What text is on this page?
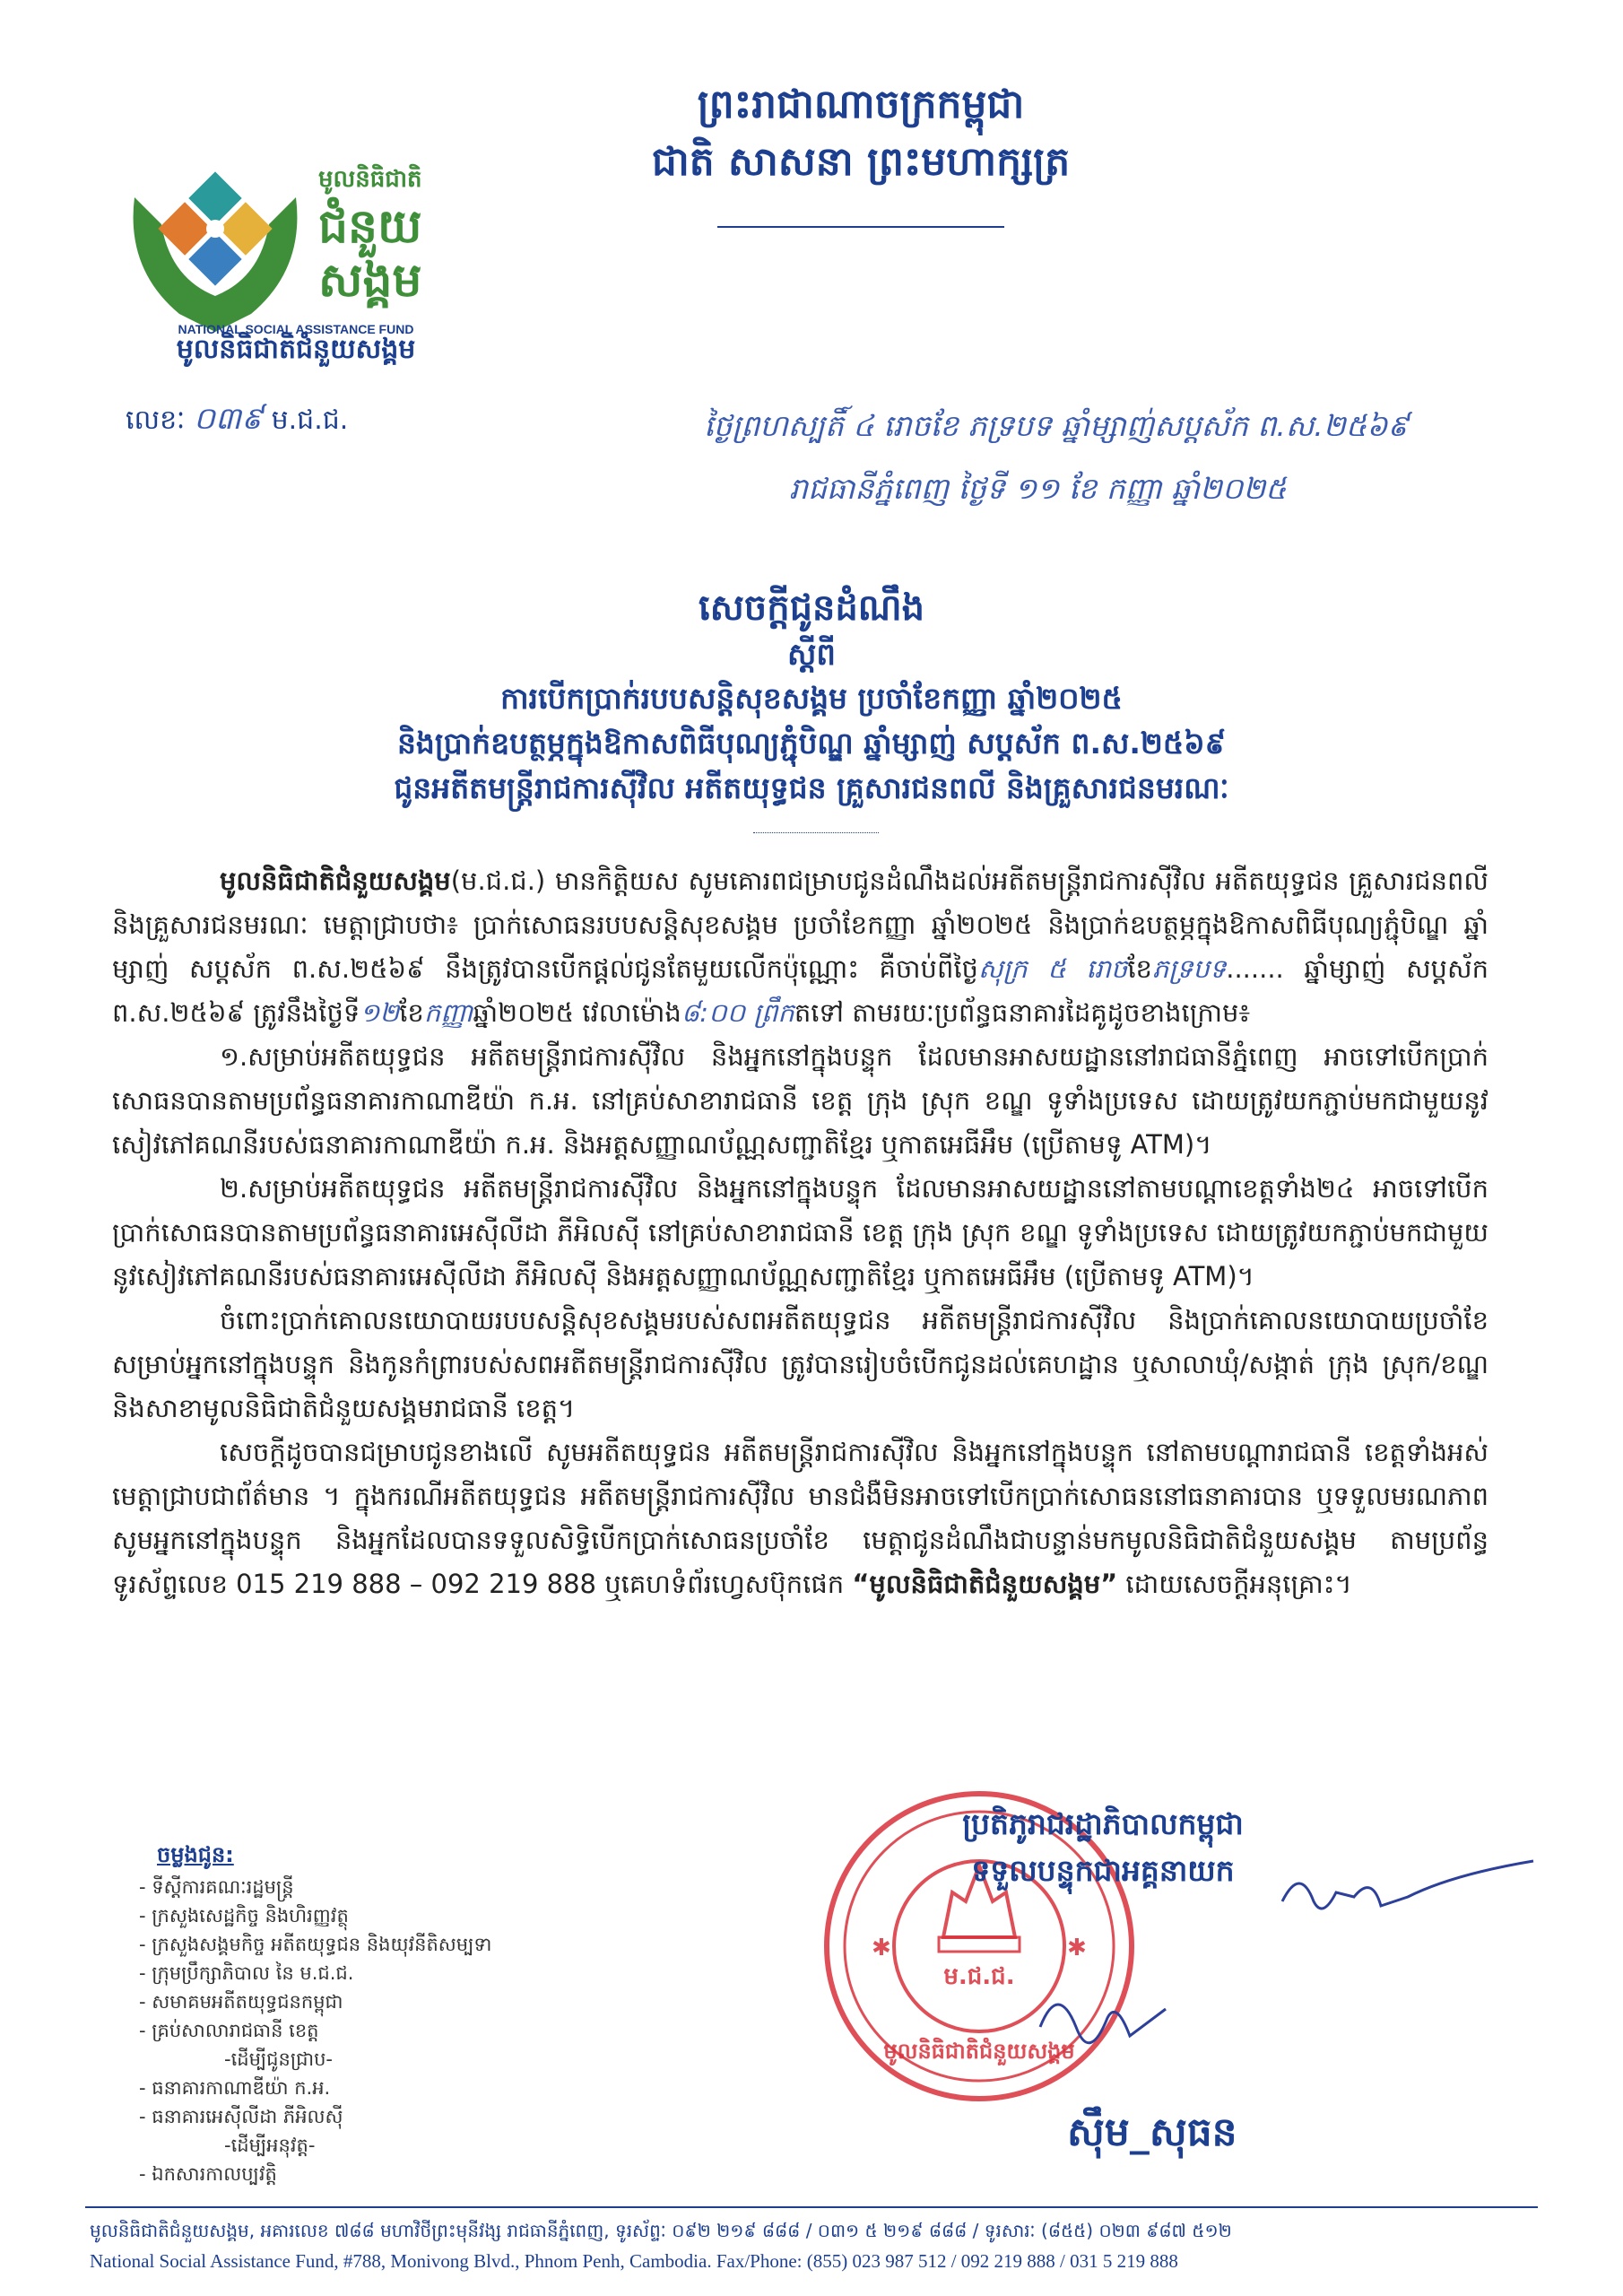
ព្រះរាជាណាចក្រកម្ពុជា
ជាតិ សាសនា ព្រះមហាក្សត្រ
មូលនិធិជាតិ
ជំនួយ
សង្គម
NATIONAL SOCIAL ASSISTANCE FUND
មូលនិធិជាតិជំនួយសង្គម
លេខៈ ០៣៩ ម.ជ.ជ.	ថ្ងៃព្រហស្បតិ៍ ៤ រោចខែ ភទ្របទ ឆ្នាំម្សាញ់សប្តស័ក ព.ស.២៥៦៩
រាជធានីភ្នំពេញ ថ្ងៃទី ១១ ខែ កញ្ញា ឆ្នាំ២០២៥
សេចក្តីជូនដំណឹង
ស្តីពី
ការបើកប្រាក់របបសន្តិសុខសង្គម ប្រចាំខែកញ្ញា ឆ្នាំ២០២៥
និងប្រាក់ឧបត្ថម្ភក្នុងឱកាសពិធីបុណ្យភ្ជុំបិណ្ឌ ឆ្នាំម្សាញ់ សប្តស័ក ព.ស.២៥៦៩
ជូនអតីតមន្ត្រីរាជការស៊ីវិល អតីតយុទ្ធជន គ្រួសារជនពលី និងគ្រួសារជនមរណៈ

មូលនិធិជាតិជំនួយសង្គម(ម.ជ.ជ.) មានកិត្តិយស សូមគោរពជម្រាបជូនដំណឹងដល់អតីតមន្ត្រីរាជការស៊ីវិល អតីតយុទ្ធជន គ្រួសារជនពលី និងគ្រួសារជនមរណៈ មេត្តាជ្រាបថា៖ ប្រាក់សោធនរបបសន្តិសុខសង្គម ប្រចាំខែកញ្ញា ឆ្នាំ២០២៥ និងប្រាក់ឧបត្ថម្ភក្នុងឱកាសពិធីបុណ្យភ្ជុំបិណ្ឌ ឆ្នាំម្សាញ់ សប្តស័ក ព.ស.២៥៦៩ នឹងត្រូវបានបើកផ្តល់ជូនតែមួយលើកប៉ុណ្ណោះ គឺចាប់ពីថ្ងៃសុក្រ ៥ រោចខែភទ្របទ....... ឆ្នាំម្សាញ់ សប្តស័ក ព.ស.២៥៦៩ ត្រូវនឹងថ្ងៃទី១២ខែកញ្ញាឆ្នាំ២០២៥ វេលាម៉ោង៨:០០ ព្រឹកតទៅ តាមរយៈប្រព័ន្ធធនាគារដៃគូដូចខាងក្រោម៖

១.សម្រាប់អតីតយុទ្ធជន អតីតមន្ត្រីរាជការស៊ីវិល និងអ្នកនៅក្នុងបន្ទុក ដែលមានអាសយដ្ឋាននៅរាជធានីភ្នំពេញ អាចទៅបើកប្រាក់សោធនបានតាមប្រព័ន្ធធនាគារកាណាឌីយ៉ា ក.អ. នៅគ្រប់សាខារាជធានី ខេត្ត ក្រុង ស្រុក ខណ្ឌ ទូទាំងប្រទេស ដោយត្រូវយកភ្ជាប់មកជាមួយនូវសៀវភៅគណនីរបស់ធនាគារកាណាឌីយ៉ា ក.អ. និងអត្តសញ្ញាណប័ណ្ណសញ្ជាតិខ្មែរ ឬកាតអេធីអឹម (ប្រើតាមទូ ATM)។

២.សម្រាប់អតីតយុទ្ធជន អតីតមន្ត្រីរាជការស៊ីវិល និងអ្នកនៅក្នុងបន្ទុក ដែលមានអាសយដ្ឋាននៅតាមបណ្តាខេត្តទាំង២៤ អាចទៅបើកប្រាក់សោធនបានតាមប្រព័ន្ធធនាគារអេស៊ីលីដា ភីអិលស៊ី នៅគ្រប់សាខារាជធានី ខេត្ត ក្រុង ស្រុក ខណ្ឌ ទូទាំងប្រទេស ដោយត្រូវយកភ្ជាប់មកជាមួយនូវសៀវភៅគណនីរបស់ធនាគារអេស៊ីលីដា ភីអិលស៊ី និងអត្តសញ្ញាណប័ណ្ណសញ្ជាតិខ្មែរ ឬកាតអេធីអឹម (ប្រើតាមទូ ATM)។

ចំពោះប្រាក់គោលនយោបាយរបបសន្តិសុខសង្គមរបស់សពអតីតយុទ្ធជន អតីតមន្ត្រីរាជការស៊ីវិល និងប្រាក់គោលនយោបាយប្រចាំខែសម្រាប់អ្នកនៅក្នុងបន្ទុក និងកូនកំព្រារបស់សពអតីតមន្ត្រីរាជការស៊ីវិល ត្រូវបានរៀបចំបើកជូនដល់គេហដ្ឋាន ឬសាលាឃុំ/សង្កាត់ ក្រុង ស្រុក/ខណ្ឌ និងសាខាមូលនិធិជាតិជំនួយសង្គមរាជធានី ខេត្ត។

សេចក្តីដូចបានជម្រាបជូនខាងលើ សូមអតីតយុទ្ធជន អតីតមន្ត្រីរាជការស៊ីវិល និងអ្នកនៅក្នុងបន្ទុក នៅតាមបណ្តារាជធានី ខេត្តទាំងអស់ មេត្តាជ្រាបជាព័ត៌មាន ។ ក្នុងករណីអតីតយុទ្ធជន អតីតមន្ត្រីរាជការស៊ីវិល មានជំងឺមិនអាចទៅបើកប្រាក់សោធននៅធនាគារបាន ឬទទួលមរណភាព សូមអ្នកនៅក្នុងបន្ទុក និងអ្នកដែលបានទទួលសិទ្ធិបើកប្រាក់សោធនប្រចាំខែ មេត្តាជូនដំណឹងជាបន្ទាន់មកមូលនិធិជាតិជំនួយសង្គម តាមប្រព័ន្ធទូរស័ព្ទលេខ 015 219 888 – 092 219 888 ឬគេហទំព័រហ្វេសប៊ុកផេក “មូលនិធិជាតិជំនួយសង្គម” ដោយសេចក្តីអនុគ្រោះ។

ចម្លងជូន:
- ទីស្តីការគណៈរដ្ឋមន្ត្រី
- ក្រសួងសេដ្ឋកិច្ច និងហិរញ្ញវត្ថុ
- ក្រសួងសង្គមកិច្ច អតីតយុទ្ធជន និងយុវនីតិសម្បទា
- ក្រុមប្រឹក្សាភិបាល នៃ ម.ជ.ជ.
- សមាគមអតីតយុទ្ធជនកម្ពុជា
- គ្រប់សាលារាជធានី ខេត្ត
-ដើម្បីជូនជ្រាប-
- ធនាគារកាណាឌីយ៉ា ក.អ.
- ធនាគារអេស៊ីលីដា ភីអិលស៊ី
-ដើម្បីអនុវត្ត-
- ឯកសារកាលប្បវត្តិ
ម.ជ.ជ.
មូលនិធិជាតិជំនួយសង្គម
✱	✱
ប្រតិភូរាជរដ្ឋាភិបាលកម្ពុជា
ទទួលបន្ទុកជាអគ្គនាយក
ស៊ឹម_សុធន
មូលនិធិជាតិជំនួយសង្គម, អគារលេខ ៧៨៨ មហាវិថីព្រះមុនីវង្ស រាជធានីភ្នំពេញ, ទូរស័ព្ទៈ ០៩២ ២១៩ ៨៨៨ / ០៣១ ៥ ២១៩ ៨៨៨ / ទូរសារៈ (៨៥៥) ០២៣ ៩៨៧ ៥១២
National Social Assistance Fund, #788, Monivong Blvd., Phnom Penh, Cambodia. Fax/Phone: (855) 023 987 512 / 092 219 888 / 031 5 219 888
